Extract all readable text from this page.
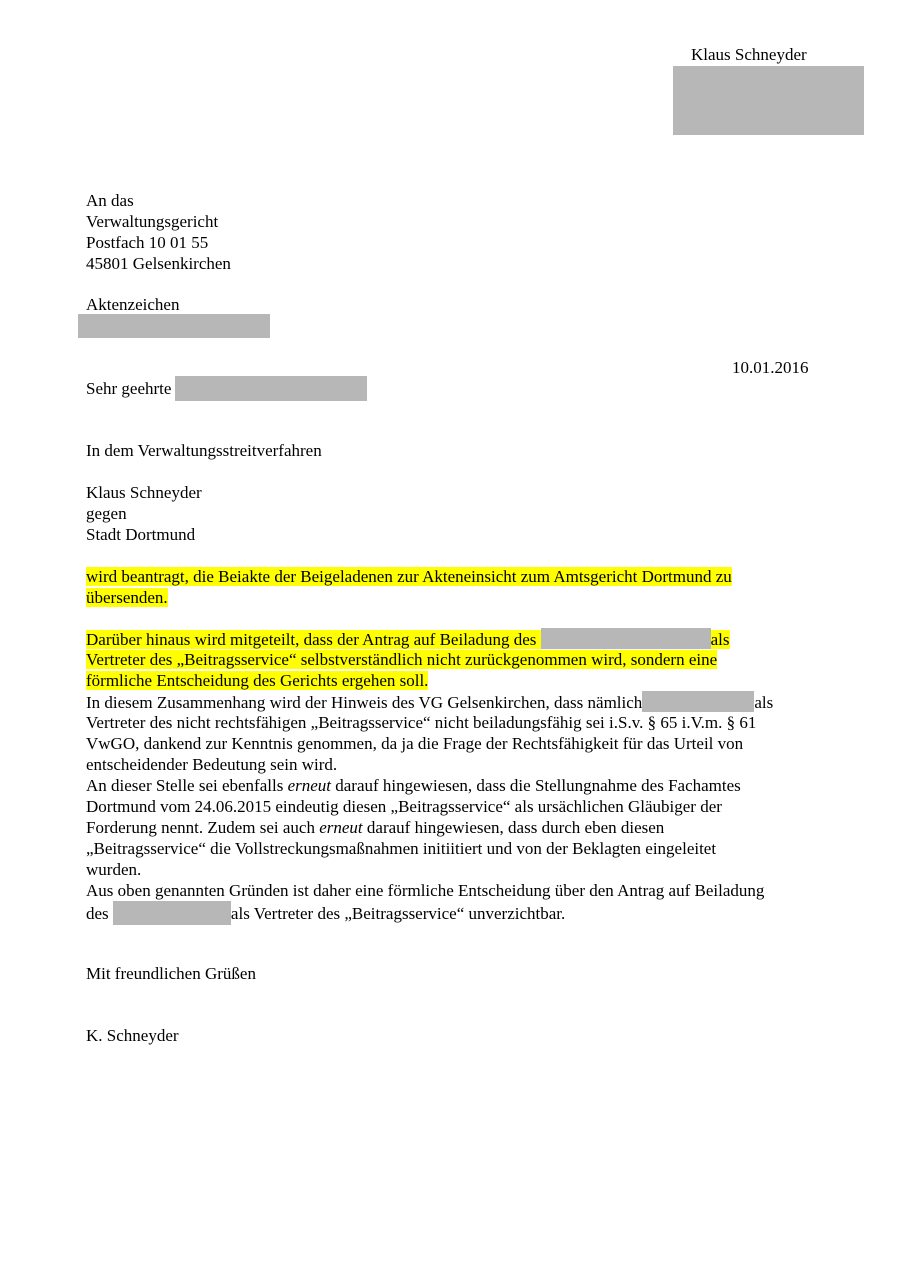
Klaus Schneyder
An das
Verwaltungsgericht
Postfach 10 01 55
45801 Gelsenkirchen
Aktenzeichen
10.01.2016
Sehr geehrte
In dem Verwaltungsstreitverfahren
Klaus Schneyder
gegen
Stadt Dortmund
wird beantragt, die Beiakte der Beigeladenen zur Akteneinsicht zum Amtsgericht Dortmund zu
übersenden.
Darüber hinaus wird mitgeteilt, dass der Antrag auf Beiladung des	als
Vertreter des „Beitragsservice“ selbstverständlich nicht zurückgenommen wird, sondern eine
förmliche Entscheidung des Gerichts ergehen soll.
In diesem Zusammenhang wird der Hinweis des VG Gelsenkirchen, dass nämlich	als
Vertreter des nicht rechtsfähigen „Beitragsservice“ nicht beiladungsfähig sei i.S.v. § 65 i.V.m. § 61
VwGO, dankend zur Kenntnis genommen, da ja die Frage der Rechtsfähigkeit für das Urteil von
entscheidender Bedeutung sein wird.
An dieser Stelle sei ebenfalls erneut darauf hingewiesen, dass die Stellungnahme des Fachamtes
Dortmund vom 24.06.2015 eindeutig diesen „Beitragsservice“ als ursächlichen Gläubiger der
Forderung nennt. Zudem sei auch erneut darauf hingewiesen, dass durch eben diesen
„Beitragsservice“ die Vollstreckungsmaßnahmen initiitiert und von der Beklagten eingeleitet
wurden.
Aus oben genannten Gründen ist daher eine förmliche Entscheidung über den Antrag auf Beiladung
des	als Vertreter des „Beitragsservice“ unverzichtbar.
Mit freundlichen Grüßen
K. Schneyder
